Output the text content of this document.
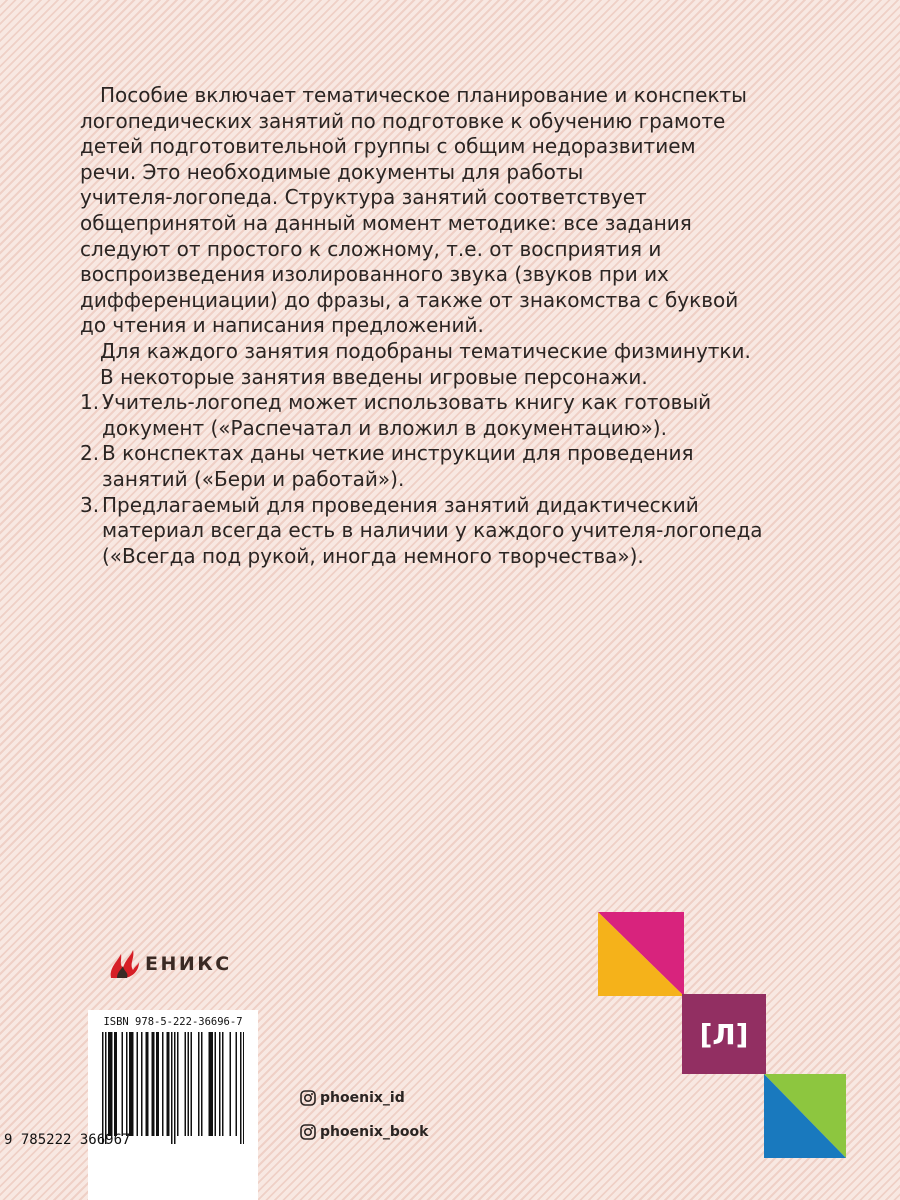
Пособие включает тематическое планирование и конспекты
логопедических занятий по подготовке к обучению грамоте
детей подготовительной группы с общим недоразвитием
речи. Это необходимые документы для работы
учителя-логопеда. Структура занятий соответствует
общепринятой на данный момент методике: все задания
следуют от простого к сложному, т.е. от восприятия и
воспроизведения изолированного звука (звуков при их
дифференциации) до фразы, а также от знакомства с буквой
до чтения и написания предложений.
Для каждого занятия подобраны тематические физминутки.
В некоторые занятия введены игровые персонажи.
1. Учитель-логопед может использовать книгу как готовый
документ («Распечатал и вложил в документацию»).
2. В конспектах даны четкие инструкции для проведения
занятий («Бери и работай»).
3. Предлагаемый для проведения занятий дидактический
материал всегда есть в наличии у каждого учителя-логопеда
(«Всегда под рукой, иногда немного творчества»).
ЕНИКС
ISBN 978-5-222-36696-7
9 785222 366967
phoenix_id
phoenix_book
[Л]
